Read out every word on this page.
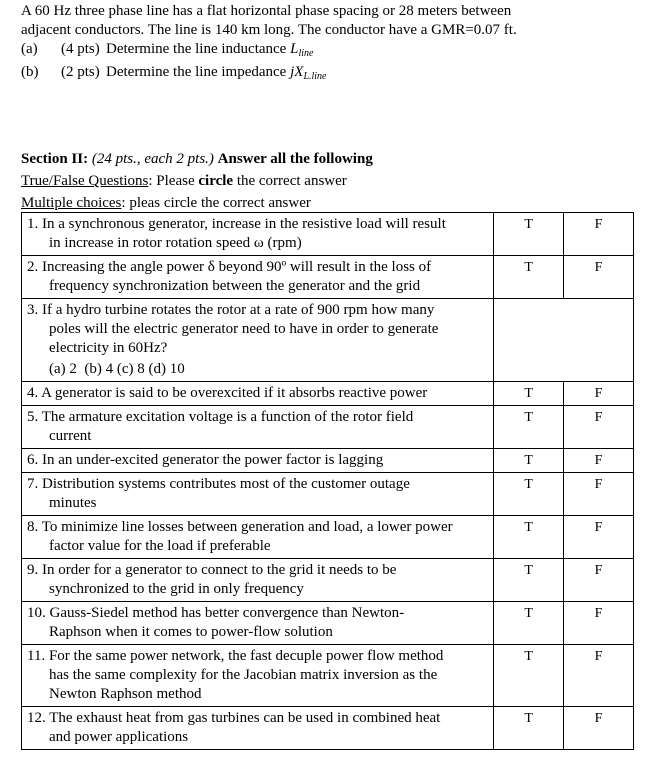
A 60 Hz three phase line has a flat horizontal phase spacing or 28 meters between

adjacent conductors. The line is 140 km long. The conductor have a GMR=0.07 ft.

(a)	(4 pts) Determine the line inductance $L_{line}$
(b)	(2 pts) Determine the line impedance $jX_{L.line}$

Section II: (24 pts., each 2 pts.) Answer all the following

True/False Questions: Please circle the correct answer

Multiple choices: pleas circle the correct answer

1. In a synchronous generator, increase in the resistive load will result
in increase in rotor rotation speed ω (rpm)	T	F

2. Increasing the angle power δ beyond 90º will result in the loss of
frequency synchronization between the generator and the grid	T	F

3. If a hydro turbine rotates the rotor at a rate of 900 rpm how many
poles will the electric generator need to have in order to generate
electricity in 60Hz?
(a) 2  (b) 4 (c) 8 (d) 10		

4. A generator is said to be overexcited if it absorbs reactive power	T	F

5. The armature excitation voltage is a function of the rotor field
current	T	F

6. In an under-excited generator the power factor is lagging	T	F

7. Distribution systems contributes most of the customer outage
minutes	T	F

8. To minimize line losses between generation and load, a lower power
factor value for the load if preferable	T	F

9. In order for a generator to connect to the grid it needs to be
synchronized to the grid in only frequency	T	F

10. Gauss-Siedel method has better convergence than Newton-
Raphson when it comes to power-flow solution	T	F

11. For the same power network, the fast decuple power flow method
has the same complexity for the Jacobian matrix inversion as the
Newton Raphson method	T	F

12. The exhaust heat from gas turbines can be used in combined heat
and power applications	T	F
